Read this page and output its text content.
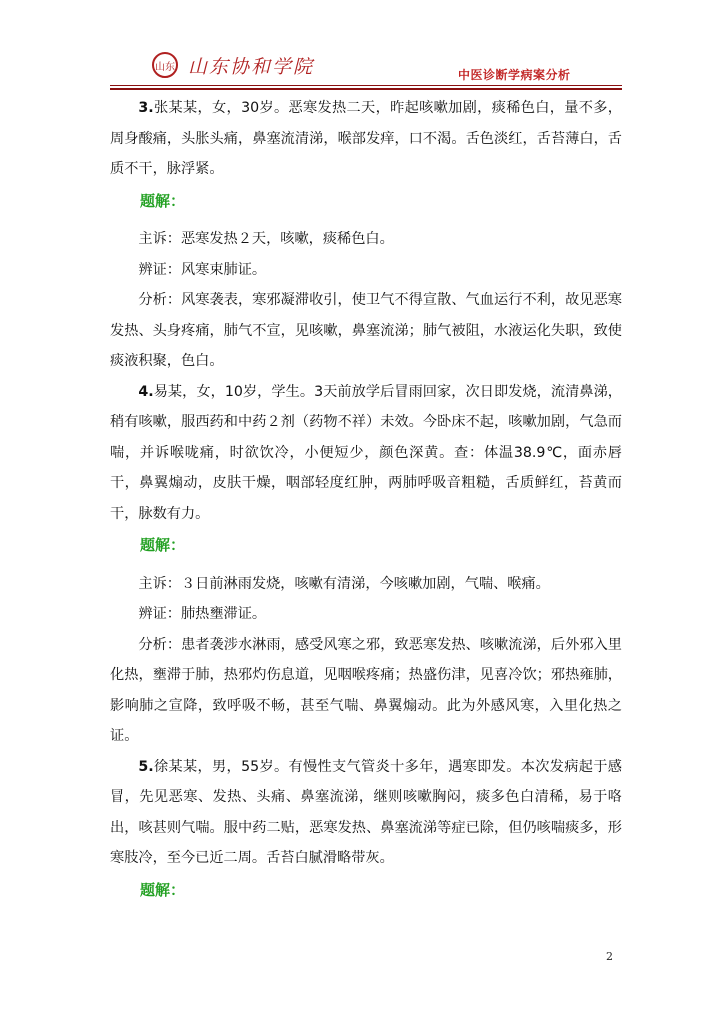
山东 山东协和学院	中医诊断学病案分析

3.张某某，女，30岁。恶寒发热二天，昨起咳嗽加剧，痰稀色白，量不多，周身酸痛，头胀头痛，鼻塞流清涕，喉部发痒，口不渴。舌色淡红，舌苔薄白，舌质不干，脉浮紧。

题解：

主诉：恶寒发热２天，咳嗽，痰稀色白。

辨证：风寒束肺证。

分析：风寒袭表，寒邪凝滞收引，使卫气不得宣散、气血运行不利，故见恶寒发热、头身疼痛，肺气不宣，见咳嗽，鼻塞流涕；肺气被阻，水液运化失职，致使痰液积聚，色白。

4.易某，女，10岁，学生。3天前放学后冒雨回家，次日即发烧，流清鼻涕，稍有咳嗽，服西药和中药２剂（药物不祥）未效。今卧床不起，咳嗽加剧，气急而喘，并诉喉咙痛，时欲饮冷，小便短少，颜色深黄。查：体温38.9℃，面赤唇干，鼻翼煽动，皮肤干燥，咽部轻度红肿，两肺呼吸音粗糙，舌质鲜红，苔黄而干，脉数有力。

题解：

主诉：３日前淋雨发烧，咳嗽有清涕，今咳嗽加剧，气喘、喉痛。

辨证：肺热壅滞证。

分析：患者袭涉水淋雨，感受风寒之邪，致恶寒发热、咳嗽流涕，后外邪入里化热，壅滞于肺，热邪灼伤息道，见咽喉疼痛；热盛伤津，见喜冷饮；邪热雍肺，影响肺之宣降，致呼吸不畅，甚至气喘、鼻翼煽动。此为外感风寒，入里化热之证。

5.徐某某，男，55岁。有慢性支气管炎十多年，遇寒即发。本次发病起于感冒，先见恶寒、发热、头痛、鼻塞流涕，继则咳嗽胸闷，痰多色白清稀，易于咯出，咳甚则气喘。服中药二贴，恶寒发热、鼻塞流涕等症已除，但仍咳喘痰多，形寒肢冷，至今已近二周。舌苔白腻滑略带灰。

题解：

2
